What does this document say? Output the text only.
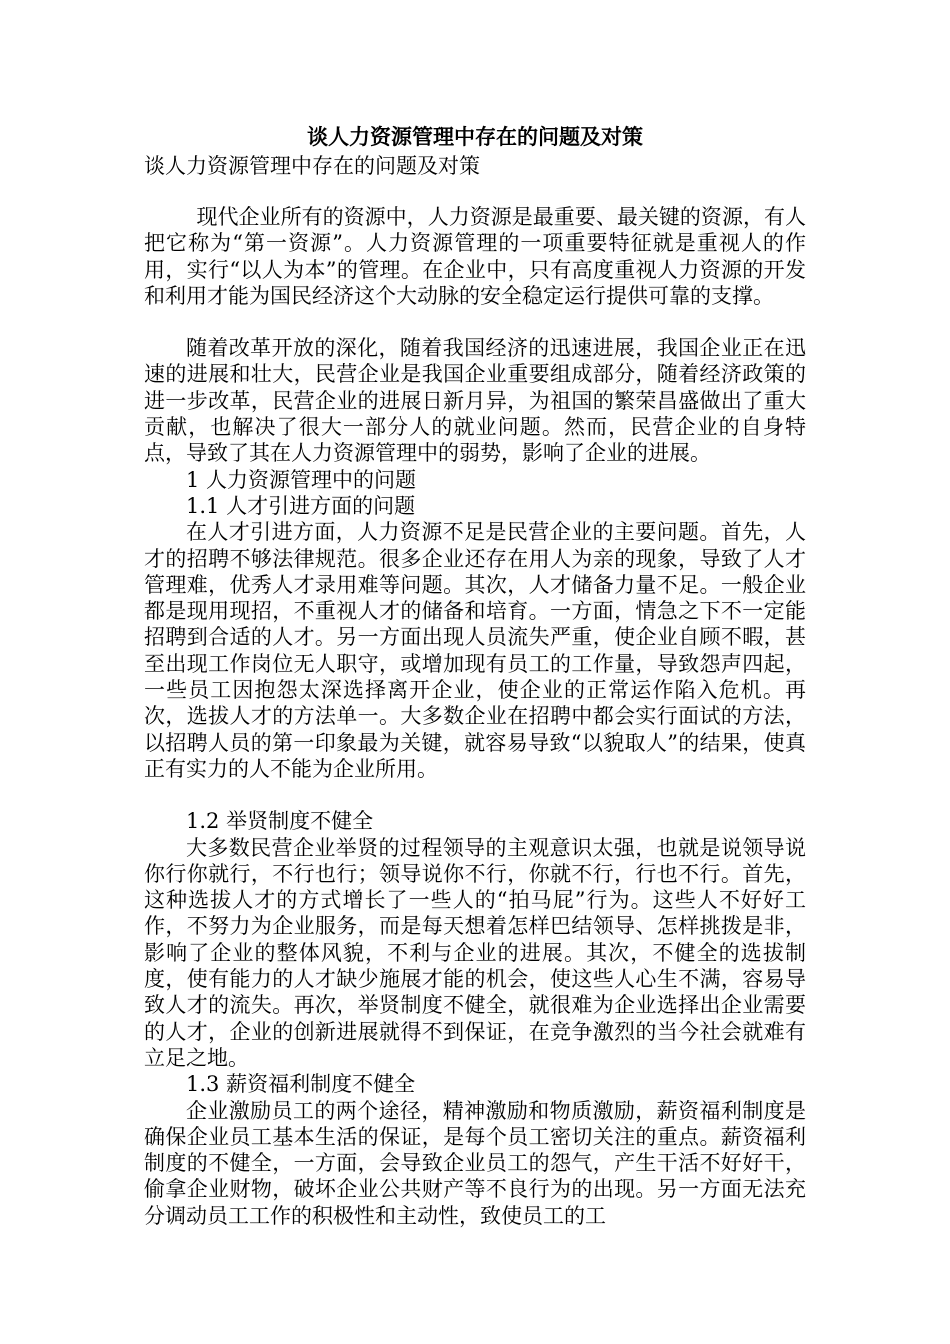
谈人力资源管理中存在的问题及对策
谈人力资源管理中存在的问题及对策

现代企业所有的资源中，人力资源是最重要、最关键的资源，有人把它称为“第一资源”。人力资源管理的一项重要特征就是重视人的作用，实行“以人为本”的管理。在企业中，只有高度重视人力资源的开发和利用才能为国民经济这个大动脉的安全稳定运行提供可靠的支撑。

随着改革开放的深化，随着我国经济的迅速进展，我国企业正在迅速的进展和壮大，民营企业是我国企业重要组成部分，随着经济政策的进一步改革，民营企业的进展日新月异，为祖国的繁荣昌盛做出了重大贡献，也解决了很大一部分人的就业问题。然而，民营企业的自身特点，导致了其在人力资源管理中的弱势，影响了企业的进展。

1 人力资源管理中的问题
1.1 人才引进方面的问题

在人才引进方面，人力资源不足是民营企业的主要问题。首先，人才的招聘不够法律规范。很多企业还存在用人为亲的现象，导致了人才管理难，优秀人才录用难等问题。其次，人才储备力量不足。一般企业都是现用现招，不重视人才的储备和培育。一方面，情急之下不一定能招聘到合适的人才。另一方面出现人员流失严重，使企业自顾不暇，甚至出现工作岗位无人职守，或增加现有员工的工作量，导致怨声四起，一些员工因抱怨太深选择离开企业，使企业的正常运作陷入危机。再次，选拔人才的方法单一。大多数企业在招聘中都会实行面试的方法，以招聘人员的第一印象最为关键，就容易导致“以貌取人”的结果，使真正有实力的人不能为企业所用。

1.2 举贤制度不健全

大多数民营企业举贤的过程领导的主观意识太强，也就是说领导说你行你就行，不行也行；领导说你不行，你就不行，行也不行。首先，这种选拔人才的方式增长了一些人的“拍马屁”行为。这些人不好好工作，不努力为企业服务，而是每天想着怎样巴结领导、怎样挑拨是非，影响了企业的整体风貌，不利与企业的进展。其次，不健全的选拔制度，使有能力的人才缺少施展才能的机会，使这些人心生不满，容易导致人才的流失。再次，举贤制度不健全，就很难为企业选择出企业需要的人才，企业的创新进展就得不到保证，在竞争激烈的当今社会就难有立足之地。

1.3 薪资福利制度不健全

企业激励员工的两个途径，精神激励和物质激励，薪资福利制度是确保企业员工基本生活的保证，是每个员工密切关注的重点。薪资福利制度的不健全，一方面，会导致企业员工的怨气，产生干活不好好干，偷拿企业财物，破坏企业公共财产等不良行为的出现。另一方面无法充分调动员工工作的积极性和主动性，致使员工的工
